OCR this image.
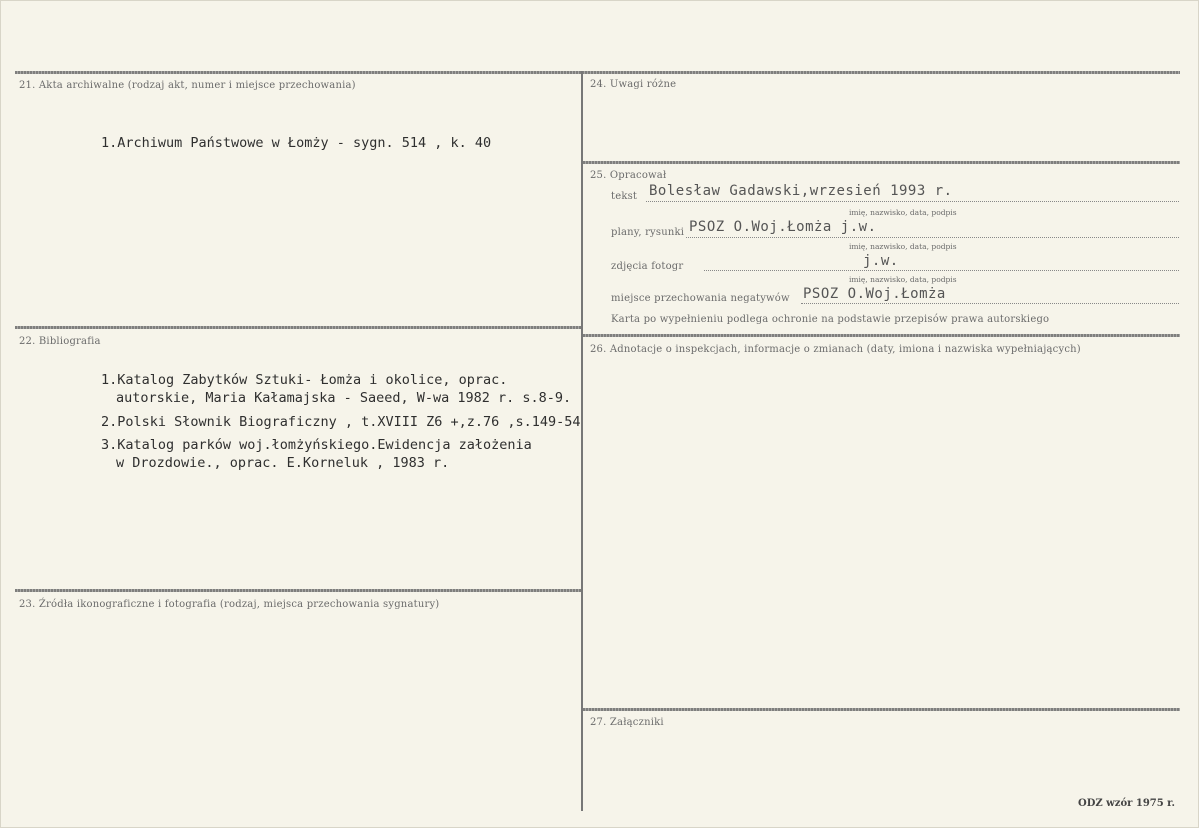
21. Akta archiwalne (rodzaj akt, numer i miejsce przechowania)
1.Archiwum Państwowe w Łomży - sygn. 514 , k. 40
22. Bibliografia
1.Katalog Zabytków Sztuki- Łomża i okolice, oprac.
autorskie, Maria Kałamajska - Saeed, W-wa 1982 r. s.8-9.
2.Polski Słownik Biograficzny , t.XVIII Z6 +,z.76 ,s.149-54
3.Katalog parków woj.łomżyńskiego.Ewidencja założenia
w Drozdowie., oprac. E.Korneluk , 1983 r.
23. Źródła ikonograficzne i fotografia (rodzaj, miejsca przechowania sygnatury)
24. Uwagi różne
25. Opracował
tekst Bolesław Gadawski,wrzesień 1993 r.
imię, nazwisko, data, podpis
plany, rysunki PSOZ O.Woj.Łomża j.w.
imię, nazwisko, data, podpis
zdjęcia fotogr	j.w.
imię, nazwisko, data, podpis
miejsce przechowania negatywów PSOZ O.Woj.Łomża
Karta po wypełnieniu podlega ochronie na podstawie przepisów prawa autorskiego
26. Adnotacje o inspekcjach, informacje o zmianach (daty, imiona i nazwiska wypełniających)
27. Załączniki
ODZ wzór 1975 r.
